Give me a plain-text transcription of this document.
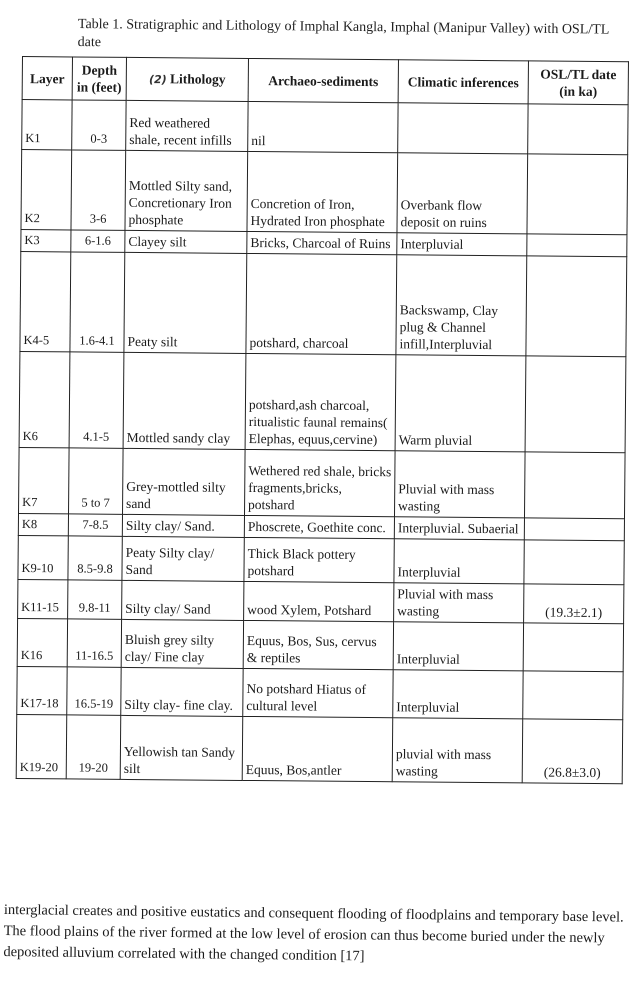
Table 1. Stratigraphic and Lithology of Imphal Kangla, Imphal (Manipur Valley) with OSL/TL date
Layer	Depth in (feet)	(2) Lithology	Archaeo-sediments	Climatic inferences	OSL/TL date (in ka)
K1	0-3	Red weathered shale, recent infills	nil		
K2	3-6	Mottled Silty sand, Concretionary Iron phosphate	Concretion of Iron, Hydrated Iron phosphate	Overbank flow deposit on ruins	
K3	6-1.6	Clayey silt	Bricks, Charcoal of Ruins	Interpluvial	
K4-5	1.6-4.1	Peaty silt	potshard, charcoal	Backswamp, Clay plug & Channel infill,Interpluvial	
K6	4.1-5	Mottled sandy clay	potshard,ash charcoal, ritualistic faunal remains( Elephas, equus,cervine)	Warm pluvial	
K7	5 to 7	Grey-mottled silty sand	Wethered red shale, bricks fragments,bricks, potshard	Pluvial with mass wasting	
K8	7-8.5	Silty clay/ Sand.	Phoscrete, Goethite conc.	Interpluvial. Subaerial	
K9-10	8.5-9.8	Peaty Silty clay/ Sand	Thick Black pottery potshard	Interpluvial	
K11-15	9.8-11	Silty clay/ Sand	wood Xylem, Potshard	Pluvial with mass wasting	(19.3±2.1)
K16	11-16.5	Bluish grey silty clay/ Fine clay	Equus, Bos, Sus, cervus & reptiles	Interpluvial	
K17-18	16.5-19	Silty clay- fine clay.	No potshard Hiatus of cultural level	Interpluvial	
K19-20	19-20	Yellowish tan Sandy silt	Equus, Bos,antler	pluvial with mass wasting	(26.8±3.0)
interglacial creates and positive eustatics and consequent flooding of floodplains and temporary base level. The flood plains of the river formed at the low level of erosion can thus become buried under the newly deposited alluvium correlated with the changed condition [17]
